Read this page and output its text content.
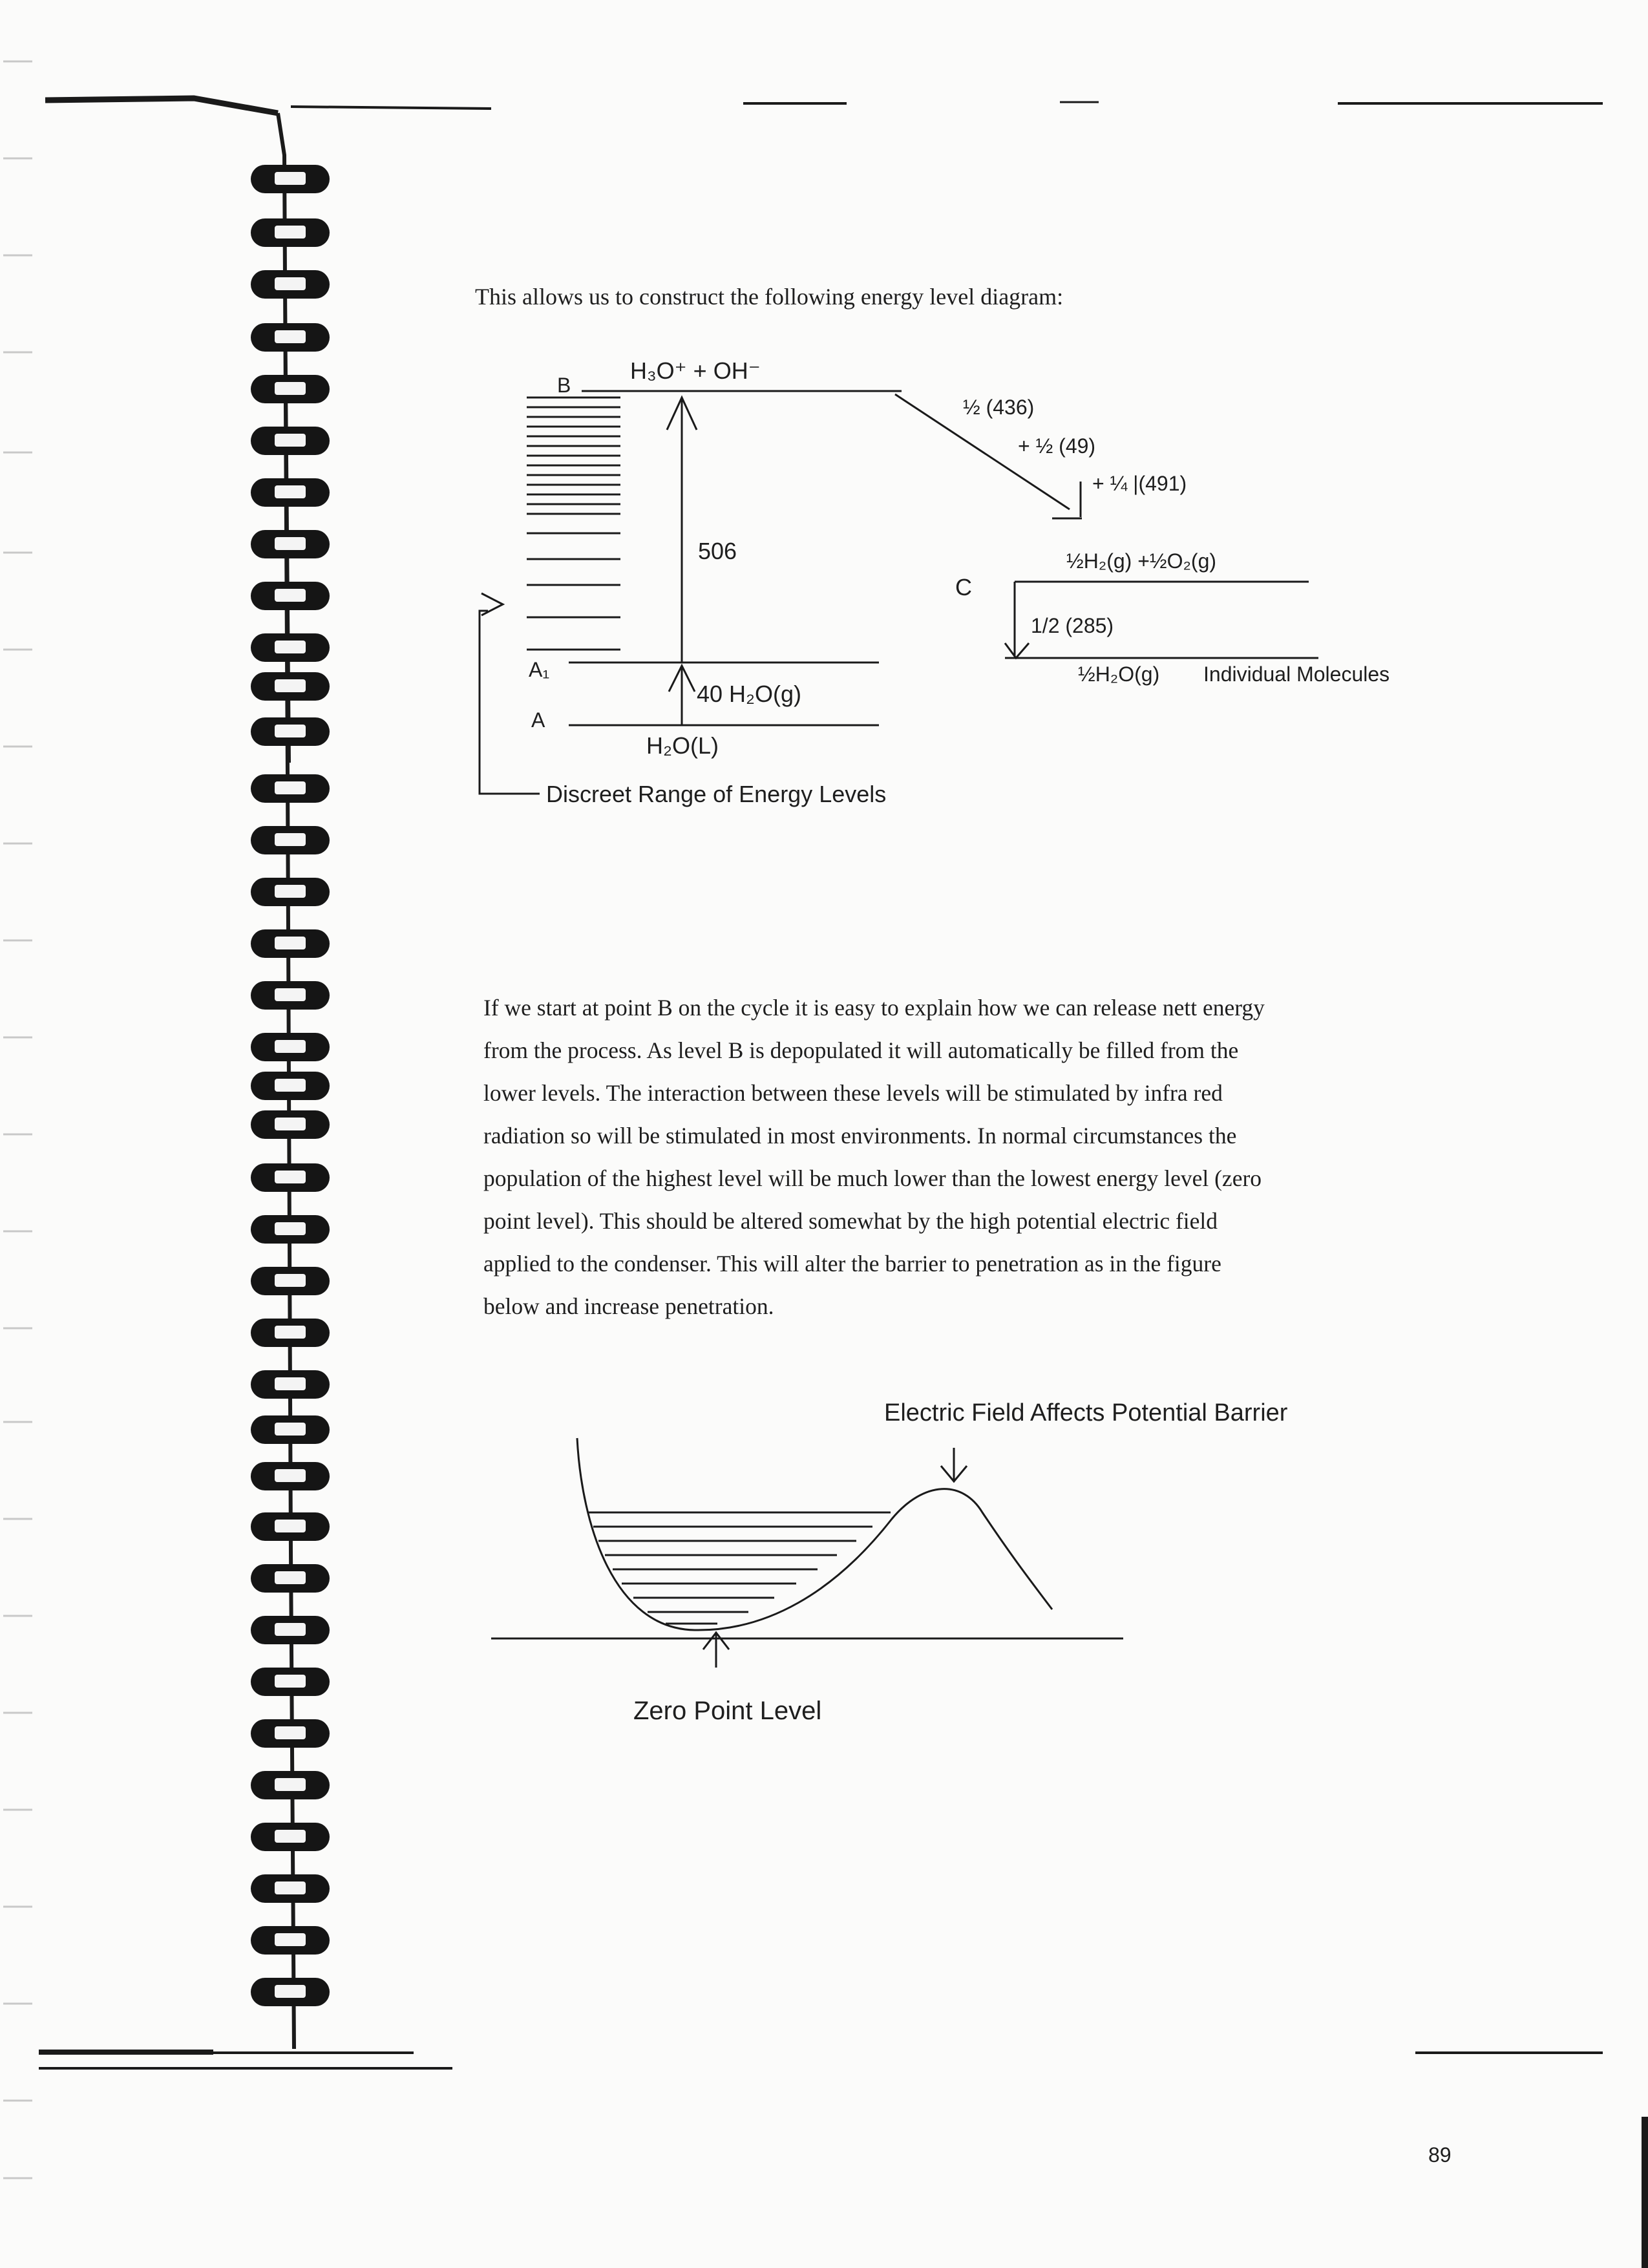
This allows us to construct the following energy level diagram:
B
H₃O⁺ + OH⁻
A₁
A
506
40 H₂O(g)
H₂O(L)
Discreet Range of Energy Levels
½ (436)
+ ½ (49)
+ ¼ |(491)
C
½H₂(g) +½O₂(g)
1/2 (285)
½H₂O(g) Individual Molecules
If we start at point B on the cycle it is easy to explain how we can release nett energy
from the process. As level B is depopulated it will automatically be filled from the
lower levels. The interaction between these levels will be stimulated by infra red
radiation so will be stimulated in most environments. In normal circumstances the
population of the highest level will be much lower than the lowest energy level (zero
point level). This should be altered somewhat by the high potential electric field
applied to the condenser. This will alter the barrier to penetration as in the figure
below and increase penetration.
Electric Field Affects Potential Barrier
Zero Point Level
89
